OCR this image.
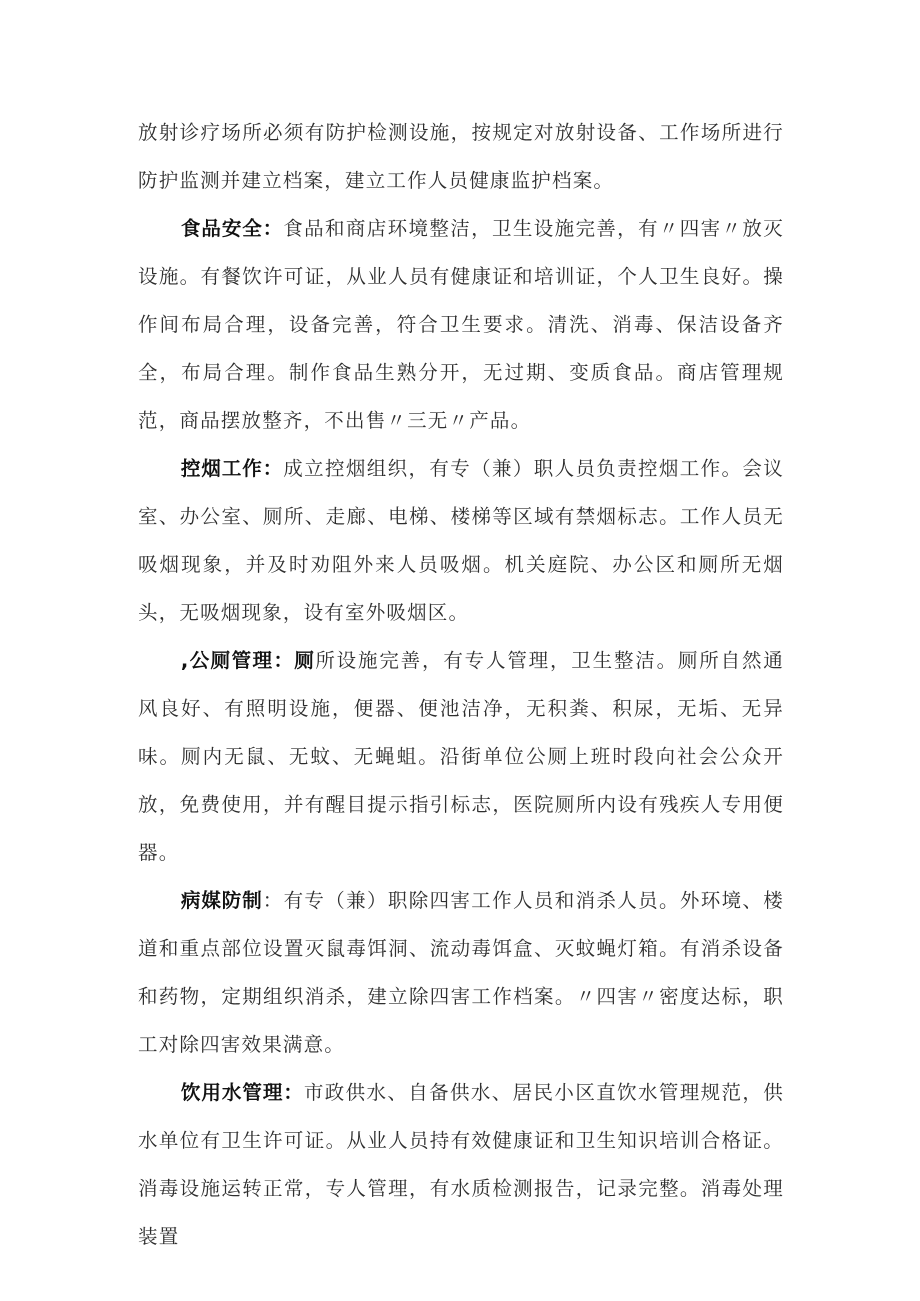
放射诊疗场所必须有防护检测设施，按规定对放射设备、工作场所进行防护监测并建立档案，建立工作人员健康监护档案。

食品安全：食品和商店环境整洁，卫生设施完善，有〃四害〃放灭设施。有餐饮许可证，从业人员有健康证和培训证，个人卫生良好。操作间布局合理，设备完善，符合卫生要求。清洗、消毒、保洁设备齐全，布局合理。制作食品生熟分开，无过期、变质食品。商店管理规范，商品摆放整齐，不出售〃三无〃产品。

控烟工作：成立控烟组织，有专（兼）职人员负责控烟工作。会议室、办公室、厕所、走廊、电梯、楼梯等区域有禁烟标志。工作人员无吸烟现象，并及时劝阻外来人员吸烟。机关庭院、办公区和厕所无烟头，无吸烟现象，设有室外吸烟区。

,公厕管理：厕所设施完善，有专人管理，卫生整洁。厕所自然通风良好、有照明设施，便器、便池洁净，无积粪、积尿，无垢、无异味。厕内无鼠、无蚊、无蝇蛆。沿街单位公厕上班时段向社会公众开放，免费使用，并有醒目提示指引标志，医院厕所内设有残疾人专用便器。

病媒防制：有专（兼）职除四害工作人员和消杀人员。外环境、楼道和重点部位设置灭鼠毒饵洞、流动毒饵盒、灭蚊蝇灯箱。有消杀设备和药物，定期组织消杀，建立除四害工作档案。〃四害〃密度达标，职工对除四害效果满意。

饮用水管理：市政供水、自备供水、居民小区直饮水管理规范，供水单位有卫生许可证。从业人员持有效健康证和卫生知识培训合格证。消毒设施运转正常，专人管理，有水质检测报告，记录完整。消毒处理装置
